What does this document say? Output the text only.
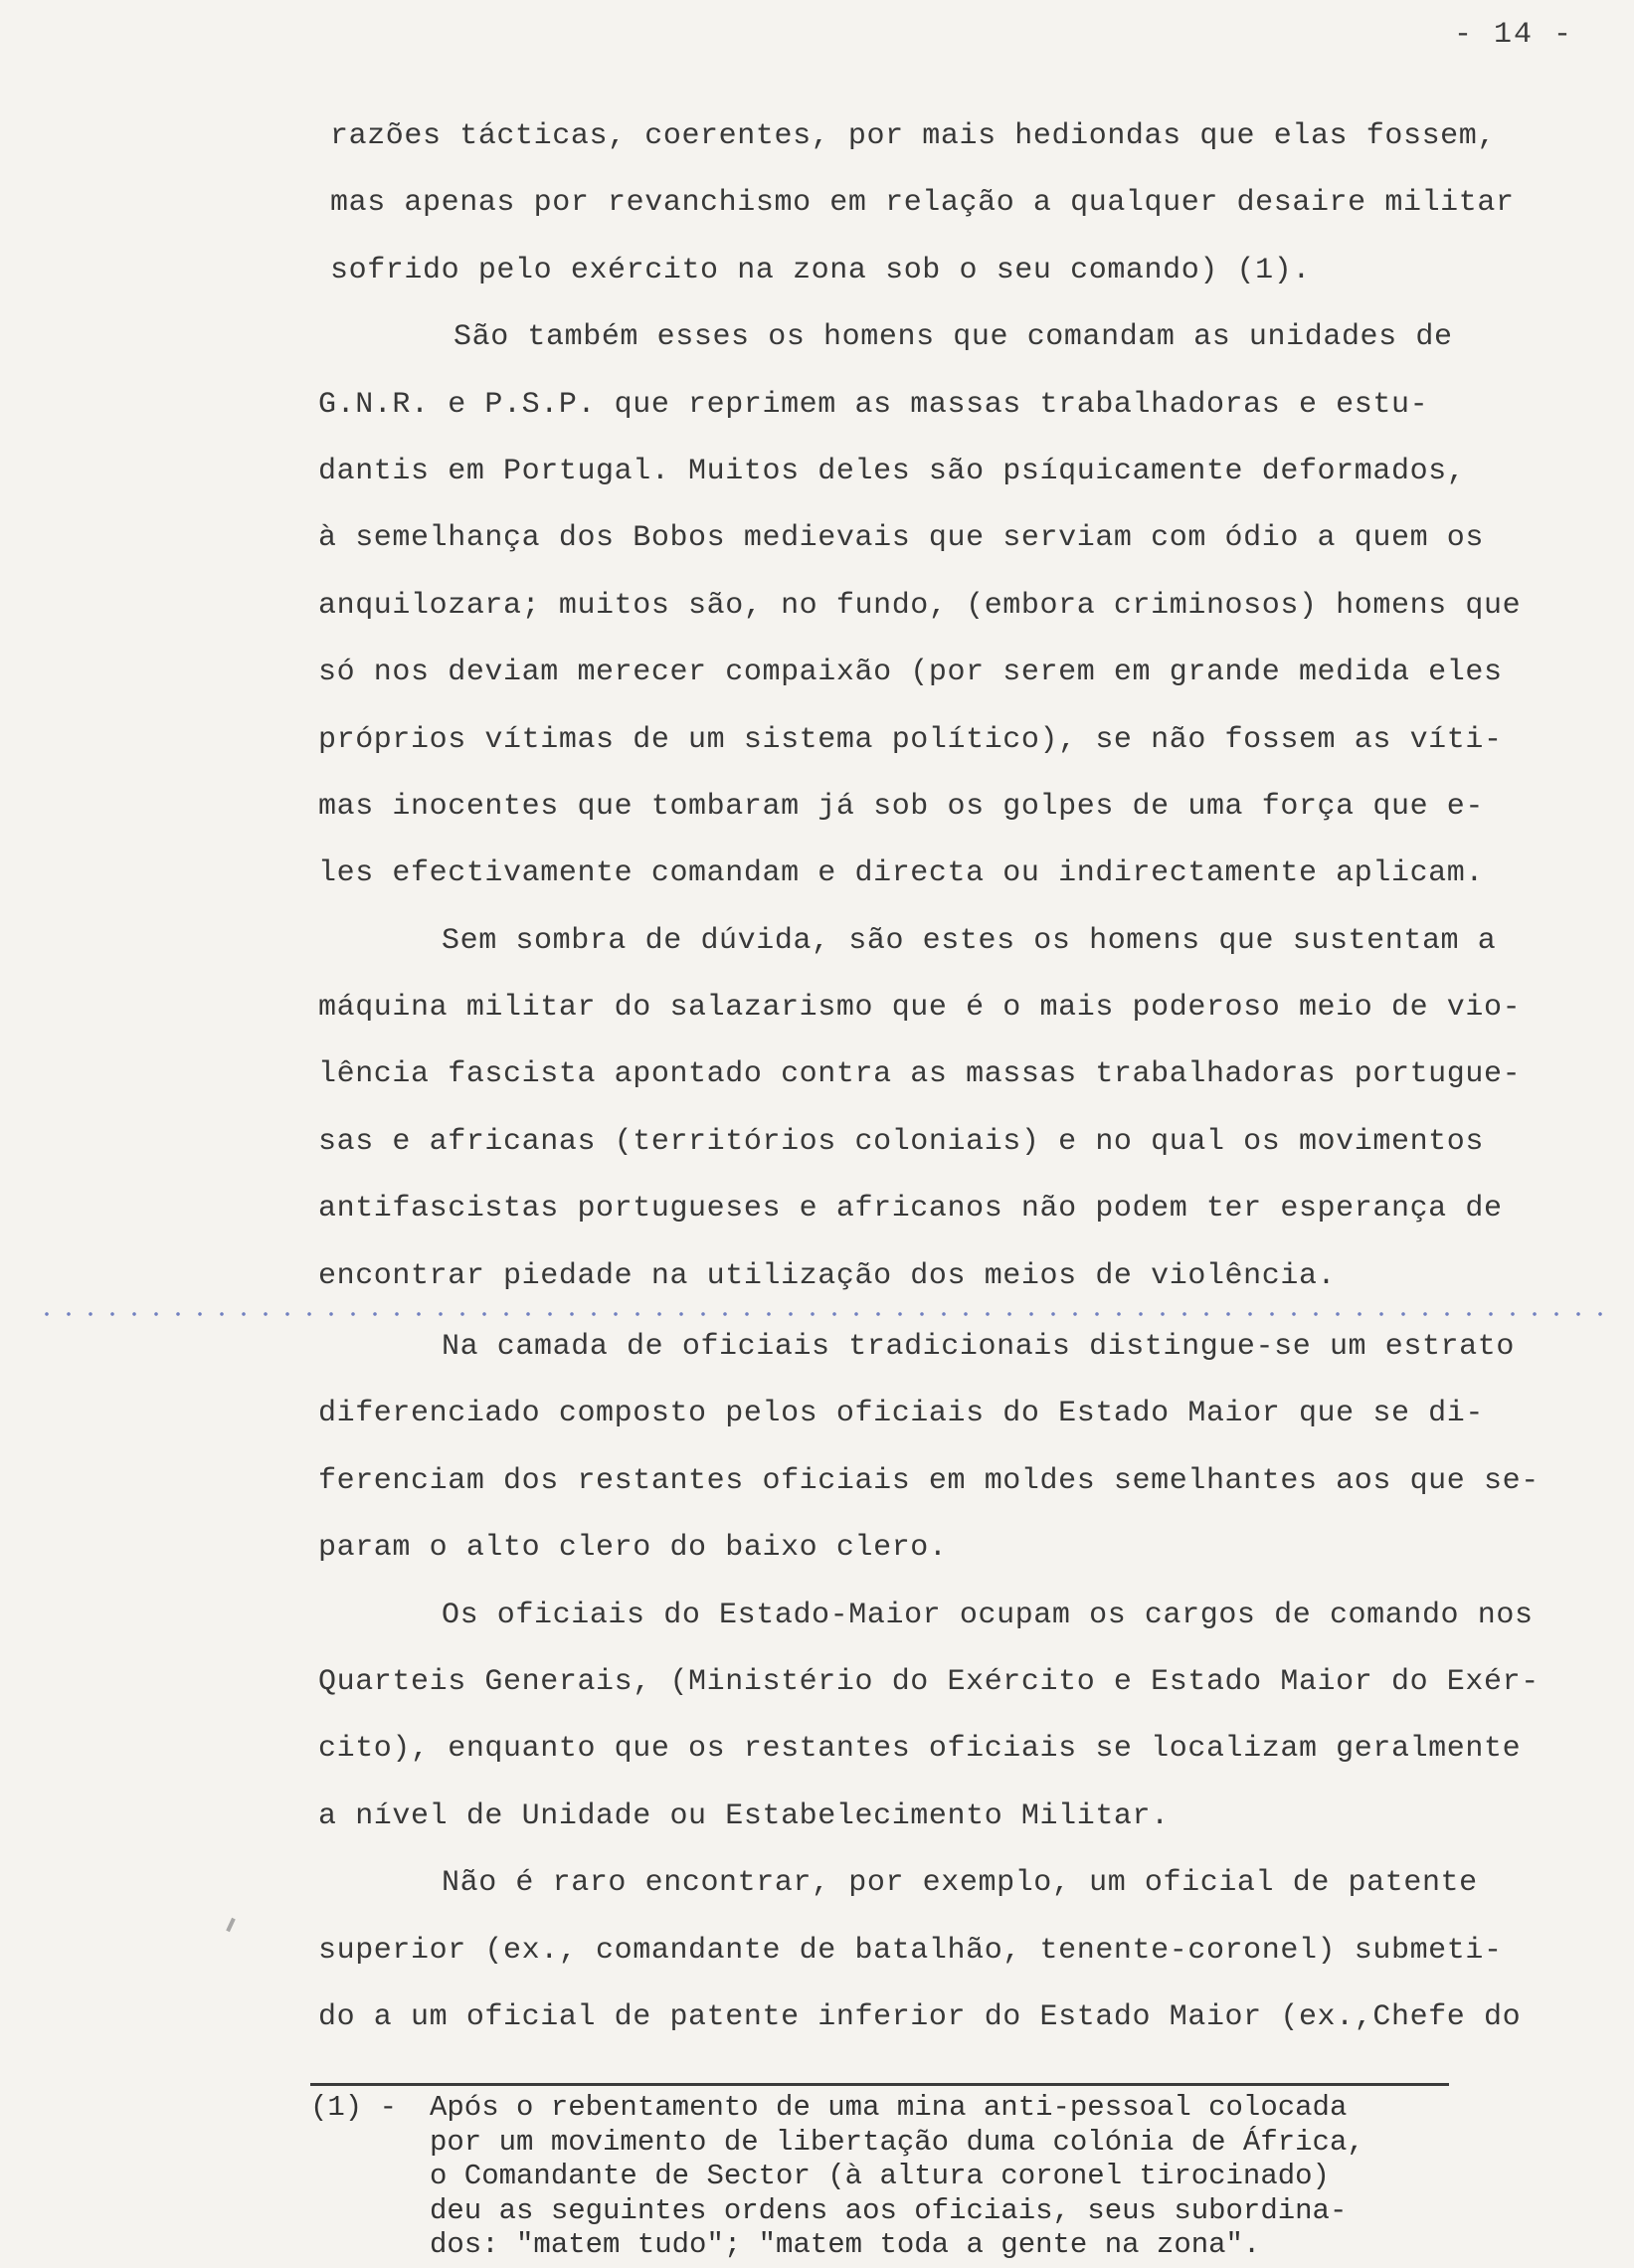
- 14 -
razões tácticas, coerentes, por mais hediondas que elas fossem,
mas apenas por revanchismo em relação a qualquer desaire militar
sofrido pelo exército na zona sob o seu comando) (1).
São também esses os homens que comandam as unidades de
G.N.R. e P.S.P. que reprimem as massas trabalhadoras e estu-
dantis em Portugal. Muitos deles são psíquicamente deformados,
à semelhança dos Bobos medievais que serviam com ódio a quem os
anquilozara; muitos são, no fundo, (embora criminosos) homens que
só nos deviam merecer compaixão (por serem em grande medida eles
próprios vítimas de um sistema político), se não fossem as víti-
mas inocentes que tombaram já sob os golpes de uma força que e-
les efectivamente comandam e directa ou indirectamente aplicam.
Sem sombra de dúvida, são estes os homens que sustentam a
máquina militar do salazarismo que é o mais poderoso meio de vio-
lência fascista apontado contra as massas trabalhadoras portugue-
sas e africanas (territórios coloniais) e no qual os movimentos
antifascistas portugueses e africanos não podem ter esperança de
encontrar piedade na utilização dos meios de violência.
Na camada de oficiais tradicionais distingue-se um estrato
diferenciado composto pelos oficiais do Estado Maior que se di-
ferenciam dos restantes oficiais em moldes semelhantes aos que se-
param o alto clero do baixo clero.
Os oficiais do Estado-Maior ocupam os cargos de comando nos
Quarteis Generais, (Ministério do Exército e Estado Maior do Exér-
cito), enquanto que os restantes oficiais se localizam geralmente
a nível de Unidade ou Estabelecimento Militar.
Não é raro encontrar, por exemplo, um oficial de patente
superior (ex., comandante de batalhão, tenente-coronel) submeti-
do a um oficial de patente inferior do Estado Maior (ex.,Chefe do
(1) - Após o rebentamento de uma mina anti-pessoal colocada
por um movimento de libertação duma colónia de África,
o Comandante de Sector (à altura coronel tirocinado)
deu as seguintes ordens aos oficiais, seus subordina-
dos: "matem tudo"; "matem toda a gente na zona".
